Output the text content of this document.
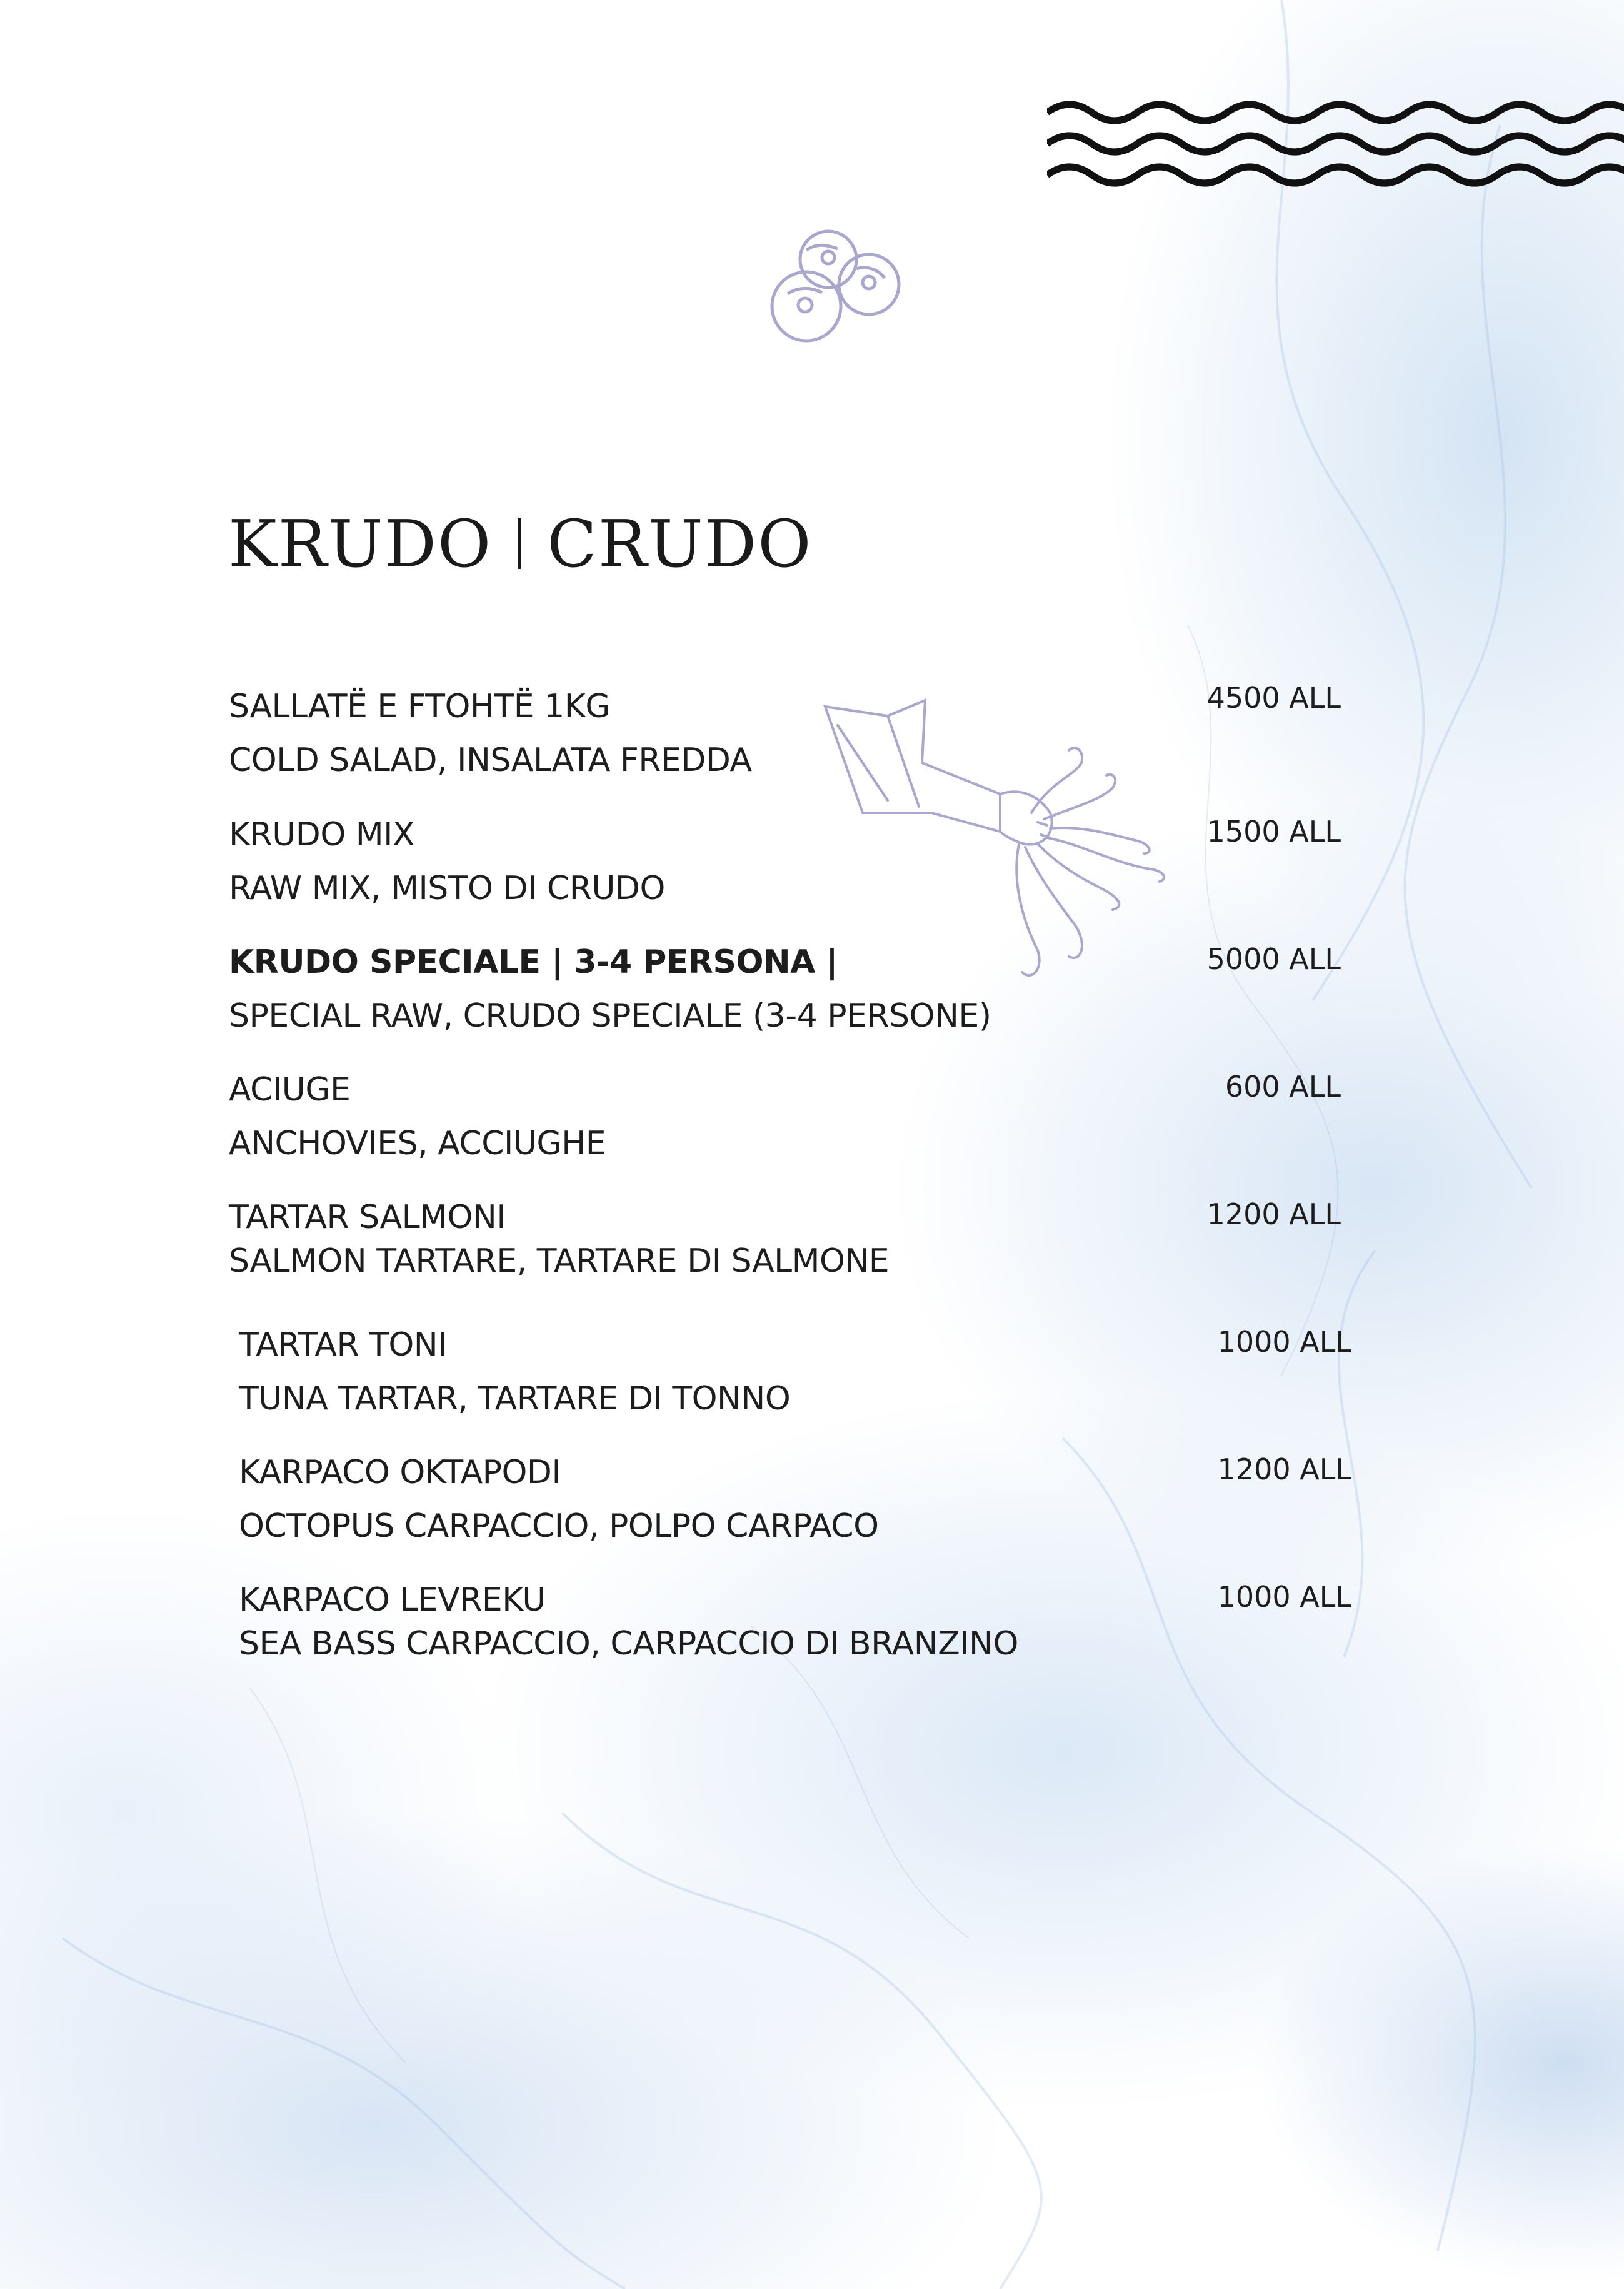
KRUDO CRUDO
SALLATË E FTOHTË 1KG
COLD SALAD, INSALATA FREDDA
4500 ALL
KRUDO MIX
RAW MIX, MISTO DI CRUDO
1500 ALL
KRUDO SPECIALE | 3-4 PERSONA |
SPECIAL RAW, CRUDO SPECIALE (3-4 PERSONE)
5000 ALL
ACIUGE
ANCHOVIES, ACCIUGHE
600 ALL
TARTAR SALMONI
SALMON TARTARE, TARTARE DI SALMONE
1200 ALL
TARTAR TONI
TUNA TARTAR, TARTARE DI TONNO
1000 ALL
KARPACO OKTAPODI
OCTOPUS CARPACCIO, POLPO CARPACO
1200 ALL
KARPACO LEVREKU
SEA BASS CARPACCIO, CARPACCIO DI BRANZINO
1000 ALL
